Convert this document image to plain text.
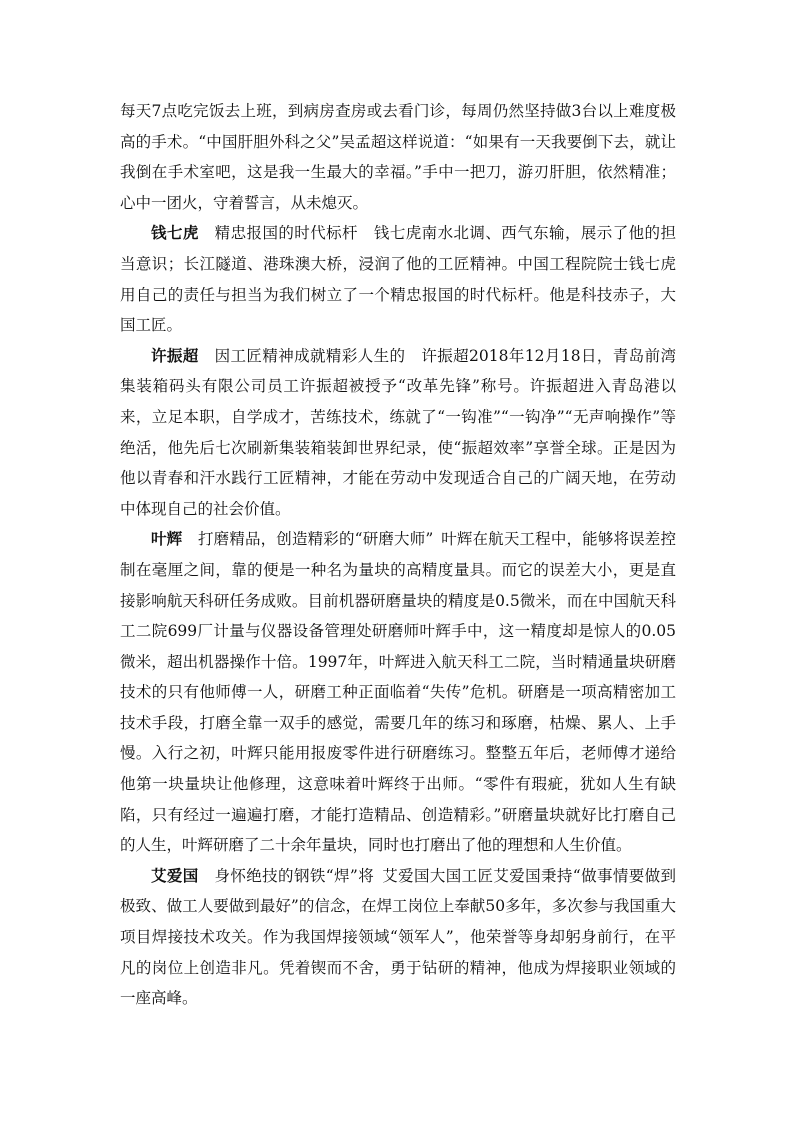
每天7点吃完饭去上班，到病房查房或去看门诊，每周仍然坚持做3台以上难度极高的手术。“中国肝胆外科之父”吴孟超这样说道：“如果有一天我要倒下去，就让我倒在手术室吧，这是我一生最大的幸福。”手中一把刀，游刃肝胆，依然精准；心中一团火，守着誓言，从未熄灭。

钱七虎 精忠报国的时代标杆 钱七虎南水北调、西气东输，展示了他的担当意识；长江隧道、港珠澳大桥，浸润了他的工匠精神。中国工程院院士钱七虎用自己的责任与担当为我们树立了一个精忠报国的时代标杆。他是科技赤子，大国工匠。

许振超 因工匠精神成就精彩人生的 许振超2018年12月18日，青岛前湾集装箱码头有限公司员工许振超被授予“改革先锋”称号。许振超进入青岛港以来，立足本职，自学成才，苦练技术，练就了“一钩准”“一钩净”“无声响操作”等绝活，他先后七次刷新集装箱装卸世界纪录，使“振超效率”享誉全球。正是因为他以青春和汗水践行工匠精神，才能在劳动中发现适合自己的广阔天地，在劳动中体现自己的社会价值。

叶辉 打磨精品，创造精彩的“研磨大师” 叶辉在航天工程中，能够将误差控制在毫厘之间，靠的便是一种名为量块的高精度量具。而它的误差大小，更是直接影响航天科研任务成败。目前机器研磨量块的精度是0.5微米，而在中国航天科工二院699厂计量与仪器设备管理处研磨师叶辉手中，这一精度却是惊人的0.05微米，超出机器操作十倍。1997年，叶辉进入航天科工二院，当时精通量块研磨技术的只有他师傅一人，研磨工种正面临着“失传”危机。研磨是一项高精密加工技术手段，打磨全靠一双手的感觉，需要几年的练习和琢磨，枯燥、累人、上手慢。入行之初，叶辉只能用报废零件进行研磨练习。整整五年后，老师傅才递给他第一块量块让他修理，这意味着叶辉终于出师。“零件有瑕疵，犹如人生有缺陷，只有经过一遍遍打磨，才能打造精品、创造精彩。”研磨量块就好比打磨自己的人生，叶辉研磨了二十余年量块，同时也打磨出了他的理想和人生价值。

艾爱国 身怀绝技的钢铁“焊”将 艾爱国大国工匠艾爱国秉持“做事情要做到极致、做工人要做到最好”的信念，在焊工岗位上奉献50多年，多次参与我国重大项目焊接技术攻关。作为我国焊接领域“领军人”，他荣誉等身却躬身前行，在平凡的岗位上创造非凡。凭着锲而不舍，勇于钻研的精神，他成为焊接职业领域的一座高峰。
